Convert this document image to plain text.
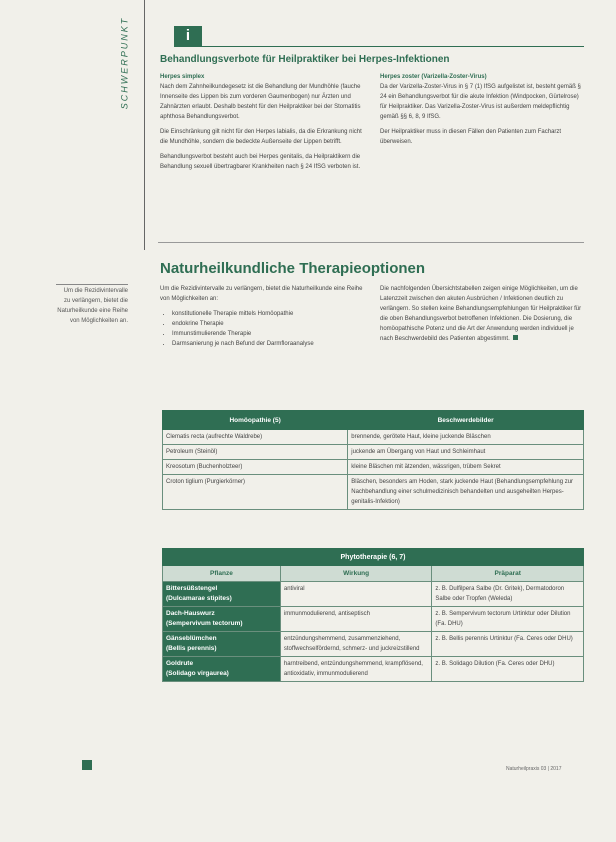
SCHWERPUNKT	i
Behandlungsverbote für Heilpraktiker bei Herpes-Infektionen

Herpes simplex
Nach dem Zahnheilkundegesetz ist die Behandlung der Mundhöhle (fauche Innenseite des Lippen bis zum vorderen Gaumenbogen) nur Ärzten und Zahnärzten erlaubt. Deshalb besteht für den Heilpraktiker bei der Stomatitis aphthosa Behandlungsverbot.

Die Einschränkung gilt nicht für den Herpes labialis, da die Erkrankung nicht die Mundhöhle, sondern die bedeckte Außenseite der Lippen betrifft.

Behandlungsverbot besteht auch bei Herpes genitalis, da Heilpraktikern die Behandlung sexuell übertragbarer Krankheiten nach § 24 IfSG verboten ist.

Herpes zoster (Varizella-Zoster-Virus)
Da der Varizella-Zoster-Virus in § 7 (1) IfSG aufgelistet ist, besteht gemäß § 24 ein Behandlungsverbot für die akute Infektion (Windpocken, Gürtelrose) für Heilpraktiker. Das Varizella-Zoster-Virus ist außerdem meldepflichtig gemäß §§ 6, 8, 9 IfSG.

Der Heilpraktiker muss in diesen Fällen den Patienten zum Facharzt überweisen.

Naturheilkundliche Therapieoptionen
Um die Rezidivintervalle zu verlängern, bietet die Naturheilkunde eine Reihe von Möglichkeiten an.

Um die Rezidivintervalle zu verlängern, bietet die Naturheilkunde eine Reihe von Möglichkeiten an:

• konstitutionelle Therapie mittels Homöopathie
• endokrine Therapie
• Immunstimulierende Therapie
• Darmsanierung je nach Befund der Darmfloraanalyse
Die nachfolgenden Übersichtstabellen zeigen einige Möglichkeiten, um die Latenzzeit zwischen den akuten Ausbrüchen / Infektionen deutlich zu verlängern. So stellen keine Behandlungsempfehlungen für Heilpraktiker für die oben Behandlungsverbot betroffenen Infektionen. Die Dosierung, die homöopathische Potenz und die Art der Anwendung werden individuell je nach Beschwerdebild des Patienten abgestimmt.
Homöopathie (5)	Beschwerdebilder
Clematis recta (aufrechte Waldrebe)	brennende, gerötete Haut, kleine juckende Bläschen
Petroleum (Steinöl)	juckende am Übergang von Haut und Schleimhaut
Kreosotum (Buchenholzteer)	kleine Bläschen mit ätzenden, wässrigen, trübem Sekret
Croton tiglium (Purgierkörner)	Bläschen, besonders am Hoden, stark juckende Haut (Behandlungsempfehlung zur Nachbehandlung einer schulmedizinisch behandelten und ausgeheilten Herpes-genitalis-Infektion)
Phytotherapie (6, 7)		
Pflanze	Wirkung	Präparat

Bittersüßstengel
(Dulcamarae stipites)	antiviral	z. B. Dulfilpera Salbe (Dr. Gritek), Dermatodoron Salbe oder Tropfen (Weleda)

Dach-Hauswurz
(Sempervivum tectorum)	immunmodulierend, antiseptisch	z. B. Sempervivum tectorum Urtinktur oder Dilution (Fa. DHU)

Gänseblümchen
(Bellis perennis)	entzündungshemmend, zusammenziehend, stoffwechselfördernd, schmerz- und juckreizstillend	z. B. Bellis perennis Urtinktur (Fa. Ceres oder DHU)

Goldrute
(Solidago virgaurea)	harntreibend, entzündungshemmend, krampflösend, antioxidativ, immunmodulierend	z. B. Solidago Dilution (Fa. Ceres oder DHU)
Naturheilpraxis 03 | 2017
